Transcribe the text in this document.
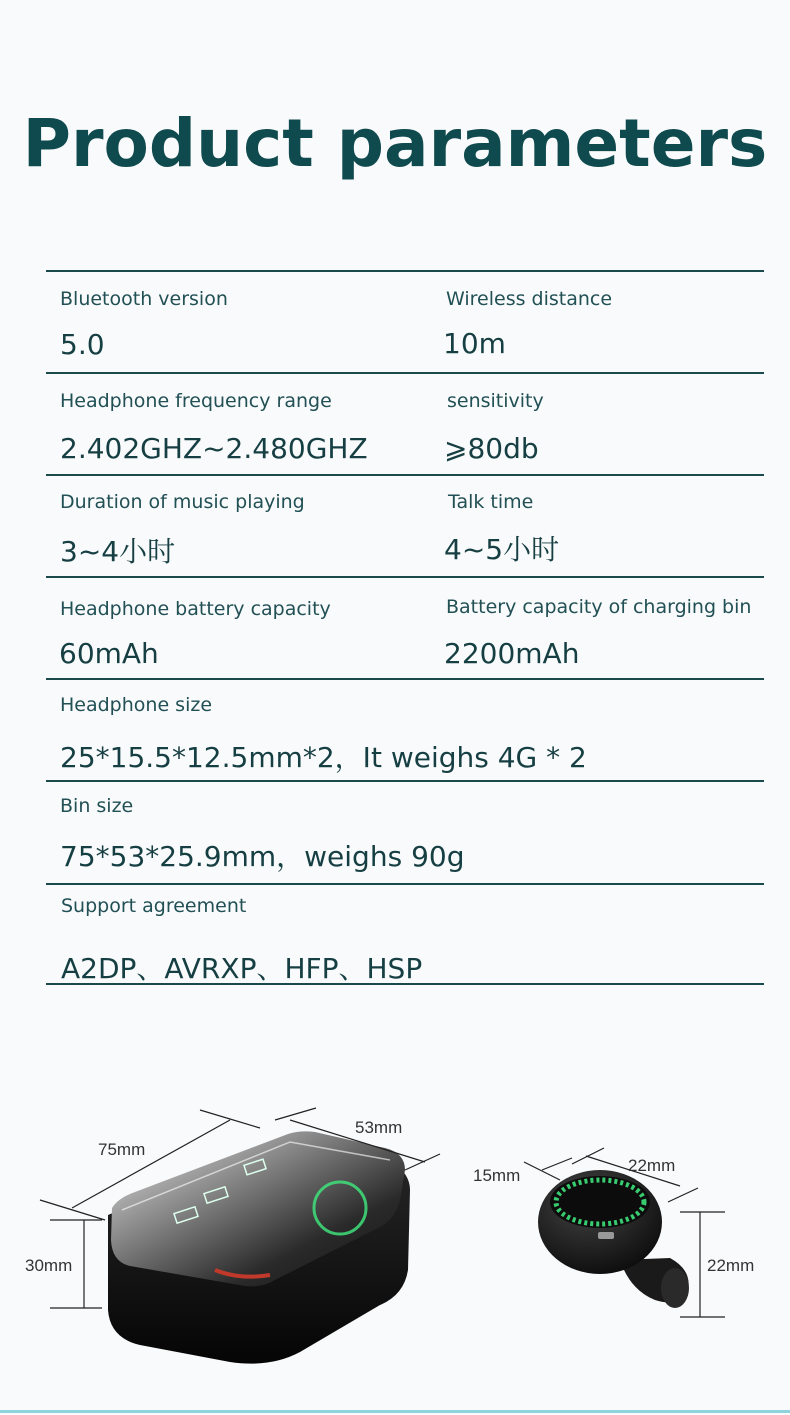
Product parameters
Bluetooth version
5.0
Wireless distance
10m
Headphone frequency range
2.402GHZ~2.480GHZ
sensitivity
⩾80db
Duration of music playing
3~4小时
Talk time
4~5小时
Headphone battery capacity
60mAh
Battery capacity of charging bin
2200mAh
Headphone size
25*15.5*12.5mm*2，It weighs 4G * 2
Bin size
75*53*25.9mm，weighs 90g
Support agreement
A2DP、AVRXP、HFP、HSP
75mm
53mm
30mm
15mm
22mm
22mm
